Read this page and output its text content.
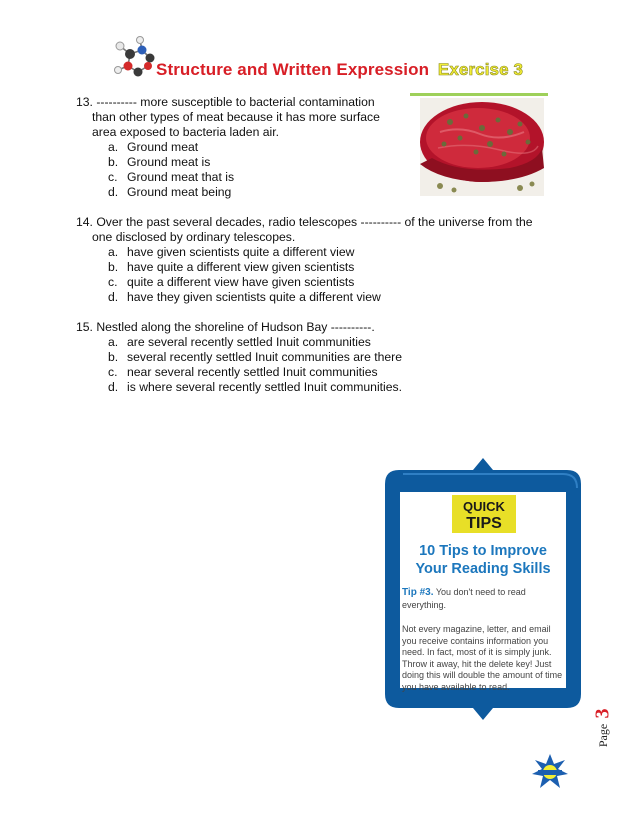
Structure and Written Expression Exercise 3
13. ---------- more susceptible to bacterial contamination
than other types of meat because it has more surface
area exposed to bacteria laden air.
a. Ground meat
b. Ground meat is
c. Ground meat that is
d. Ground meat being
14. Over the past several decades, radio telescopes ---------- of the universe from the
one disclosed by ordinary telescopes.
a. have given scientists quite a different view
b. have quite a different view given scientists
c. quite a different view have given scientists
d. have they given scientists quite a different view
15. Nestled along the shoreline of Hudson Bay ----------.
a. are several recently settled Inuit communities
b. several recently settled Inuit communities are there
c. near several recently settled Inuit communities
d. is where several recently settled Inuit communities.
QUICK
TIPS
10 Tips to Improve
Your Reading Skills
Tip #3. You don't need to read everything.
Not every magazine, letter, and email you receive contains information you need. In fact, most of it is simply junk. Throw it away, hit the delete key! Just doing this will double the amount of time you have available to read.
3
Page
